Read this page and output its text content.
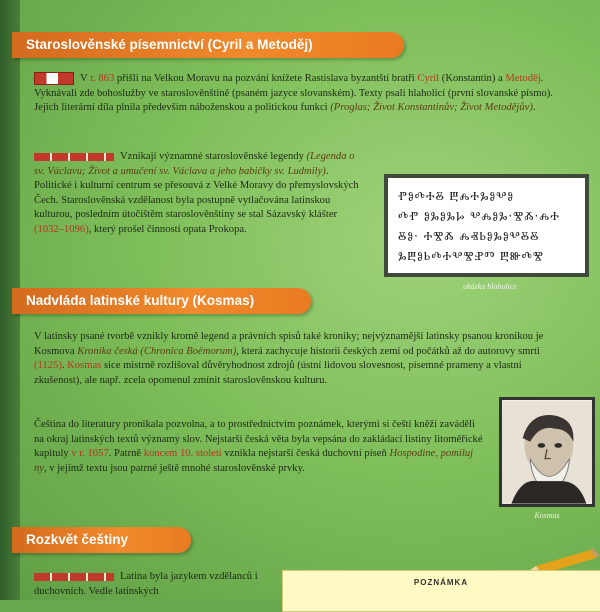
Staroslověnské písemnictví (Cyril a Metoděj)
V r. 863 přišli na Velkou Moravu na pozvání knížete Rastislava byzantští bratři Cyril (Konstantin) a Metoděj. Vyknávali zde bohoslužby ve staroslověnštině (psaném jazyce slovanském). Texty psali hlaholicí (první slovanské písmo). Jejich literární díla plnila především náboženskou a politickou funkci (Proglas; Život Konstantinův; Život Metodějův).
Vznikají významné staroslověnské legendy (Legenda o sv. Václavu; Život a umučení sv. Václava a jeho babičky sv. Ludmily). Politické i kulturní centrum se přesouvá z Velké Moravy do přemyslovských Čech. Staroslověnská vzdělanost byla postupně vytlačována latinskou kulturou, posledním útočištěm staroslověnštiny se stal Sázavský klášter (1032–1096), který prošel činností opata Prokopa.
ⰒⰑⰄⰀⰋ ⰁⰎⰀⰃⰑⰂⰑ
ⰄⰒ ⰑⰃⰑⰃⰘ ⰂⰎⰑⰃ·ⰊⰆ·ⰎⰀ
ⰋⰑ· ⰀⰊⰆ ⰎⰟⰓⰑⰃⰑⰂⰋⰋ
ⰃⰁⰑⰓⰄⰀⰂⰊⰐⰕ ⰁⰖⰄⰊ
ukázka hlaholice
Nadvláda latinské kultury (Kosmas)
V latinsky psané tvorbě vznikly kromě legend a právních spisů také kroniky; nejvýznamější latinsky psanou kronikou je Kosmova Kronika česká (Chronica Boëmorum), která zachycuje historii českých zemí od počátků až do autorovy smrti (1125). Kosmas sice mistrně rozlišoval důvěryhodnost zdrojů (ústní lidovou slovesnost, písemné prameny a vlastní zkušenost), ale např. zcela opomenul zmínit staroslověnskou kulturu.
Čeština do literatury pronikala pozvolna, a to prostřednictvím poznámek, kterými si čeští kněží zaváděli na okraj latinských textů významy slov. Nejstarší česká věta byla vepsána do zakládací listiny litoměřické kapituly v r. 1057. Patrně koncem 10. století vznikla nejstarší česká duchovní píseň Hospodine, pomiluj ny, v jejímž textu jsou patrné ještě mnohé staroslověnské prvky.
Kosmas
Rozkvět češtiny
Latina byla jazykem vzdělanců i duchovních. Vedle latinských
POZNÁMKA
